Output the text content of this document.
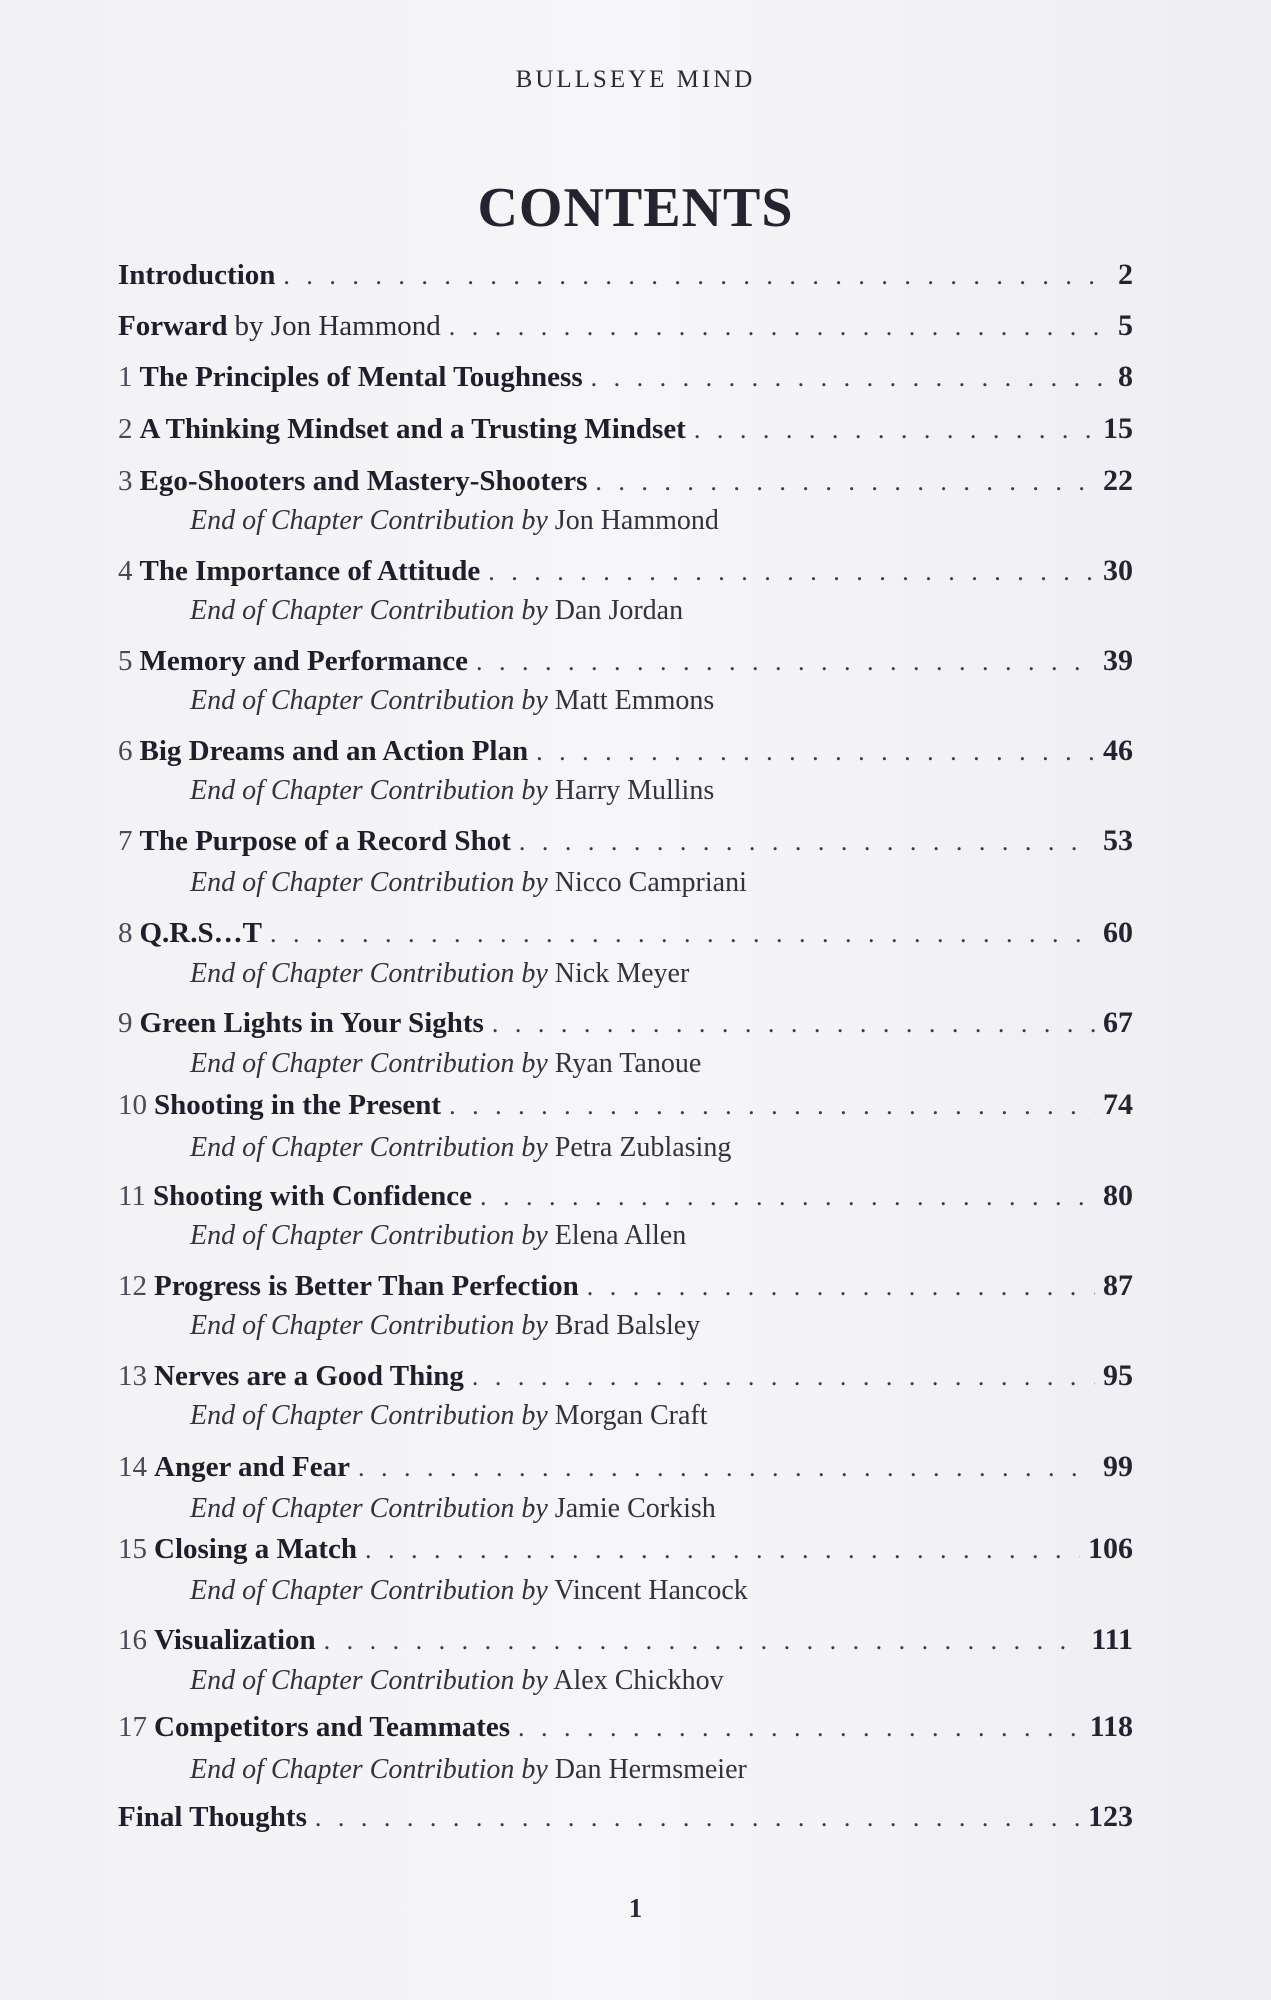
BULLSEYE MIND
CONTENTS
Introduction . . .	2
Forward by Jon Hammond . . .	5
1 The Principles of Mental Toughness . . .	8
2 A Thinking Mindset and a Trusting Mindset . . .	15
3 Ego-Shooters and Mastery-Shooters . . .	22
End of Chapter Contribution by Jon Hammond
4 The Importance of Attitude . . .	30
End of Chapter Contribution by Dan Jordan
5 Memory and Performance . . .	39
End of Chapter Contribution by Matt Emmons
6 Big Dreams and an Action Plan . . .	46
End of Chapter Contribution by Harry Mullins
7 The Purpose of a Record Shot . . .	53
End of Chapter Contribution by Nicco Campriani
8 Q.R.S…T . . .	60
End of Chapter Contribution by Nick Meyer
9 Green Lights in Your Sights . . .	67
End of Chapter Contribution by Ryan Tanoue
10 Shooting in the Present . . .	74
End of Chapter Contribution by Petra Zublasing
11 Shooting with Confidence . . .	80
End of Chapter Contribution by Elena Allen
12 Progress is Better Than Perfection . . .	87
End of Chapter Contribution by Brad Balsley
13 Nerves are a Good Thing . . .	95
End of Chapter Contribution by Morgan Craft
14 Anger and Fear . . .	99
End of Chapter Contribution by Jamie Corkish
15 Closing a Match . . .	106
End of Chapter Contribution by Vincent Hancock
16 Visualization . . .	111
End of Chapter Contribution by Alex Chickhov
17 Competitors and Teammates . . .	118
End of Chapter Contribution by Dan Hermsmeier
Final Thoughts . . .	123
1
